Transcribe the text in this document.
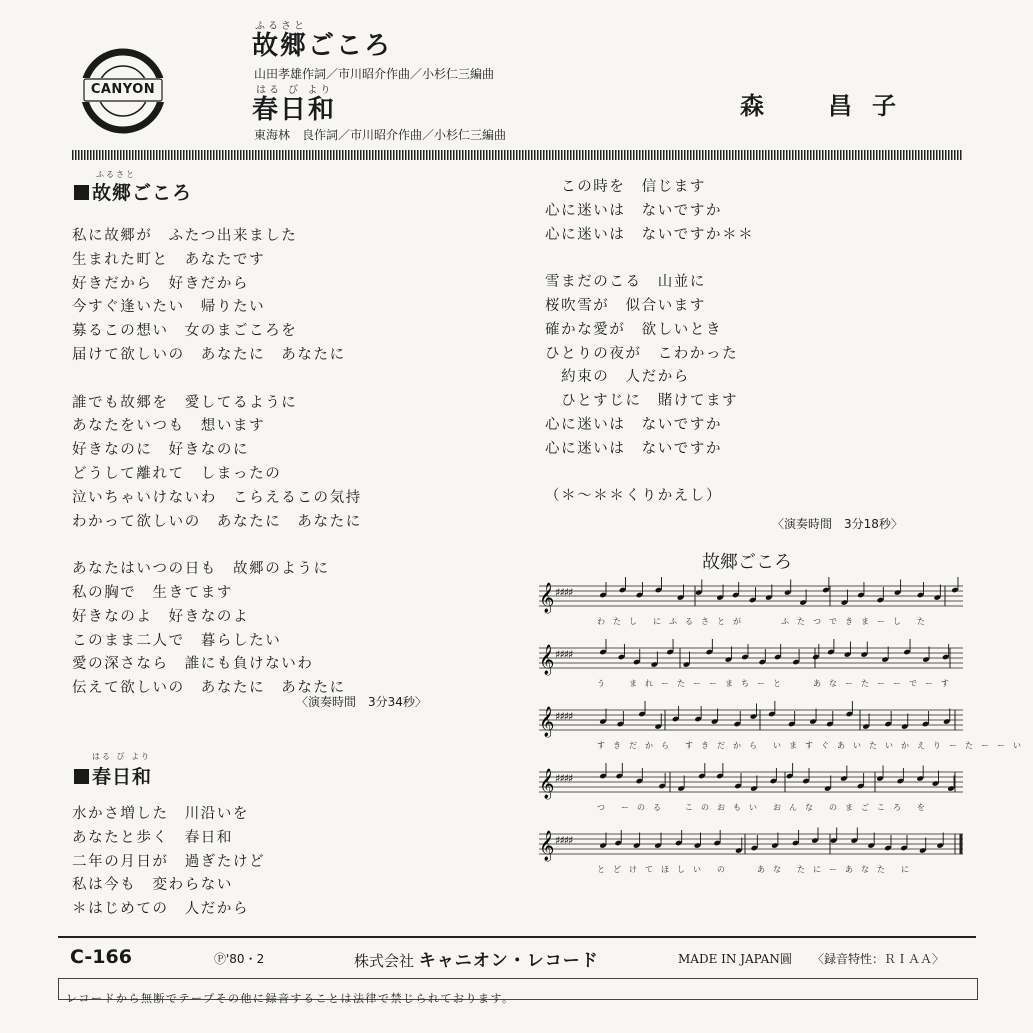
CANYON
ふるさと
故郷ごころ
山田孝雄作詞／市川昭介作曲／小杉仁三編曲
はる び より
春日和
東海林　良作詞／市川昭介作曲／小杉仁三編曲
森　昌子
ふるさと
故郷ごころ
私に故郷が　ふたつ出来ました
生まれた町と　あなたです
好きだから　好きだから
今すぐ逢いたい　帰りたい
募るこの想い　女のまごころを
届けて欲しいの　あなたに　あなたに
誰でも故郷を　愛してるように
あなたをいつも　想います
好きなのに　好きなのに
どうして離れて　しまったの
泣いちゃいけないわ　こらえるこの気持
わかって欲しいの　あなたに　あなたに
あなたはいつの日も　故郷のように
私の胸で　生きてます
好きなのよ　好きなのよ
このまま二人で　暮らしたい
愛の深さなら　誰にも負けないわ
伝えて欲しいの　あなたに　あなたに
〈演奏時間　3分34秒〉
はる び より
春日和
水かさ増した　川沿いを
あなたと歩く　春日和
二年の月日が　過ぎたけど
私は今も　変わらない
＊はじめての　人だから
　この時を　信じます
心に迷いは　ないですか
心に迷いは　ないですか＊＊
雪まだのこる　山並に
桜吹雪が　似合います
確かな愛が　欲しいとき
ひとりの夜が　こわかった
　約束の　人だから
　ひとすじに　賭けてます
心に迷いは　ないですか
心に迷いは　ないですか
（＊～＊＊くりかえし）
〈演奏時間　3分18秒〉
故郷ごころ
𝄞 ♯♯♯♯
わ　た　し　　に　ふ　る　さ　と　が　　　　　ふ　た　つ　で　き　ま　ー　し　　た
𝄞 ♯♯♯♯
う　　　ま　れ　ー　た　ー　ー　ま　ち　ー　と　　　　あ　な　ー　た　ー　ー　で　ー　す
𝄞 ♯♯♯♯
す　き　だ　か　ら　　す　き　だ　か　ら　　い　ま　す　ぐ　あ　い　た　い　か　え　り　ー　た　ー　ー　い
𝄞 ♯♯♯♯
つ　　ー　の　る　　　こ　の　お　も　い　　お　ん　な　　の　ま　ご　こ　ろ　　を
𝄞 ♯♯♯♯
と　ど　け　て　ほ　し　い　　の　　　　あ　な　　た　に　ー　あ　な　た　　に
C-166	Ⓟ'80・2	株式会社 キャニオン・レコード	MADE IN JAPAN圓 〈録音特性：ＲＩＡＡ〉
レコードから無断でテープその他に録音することは法律で禁じられております。
